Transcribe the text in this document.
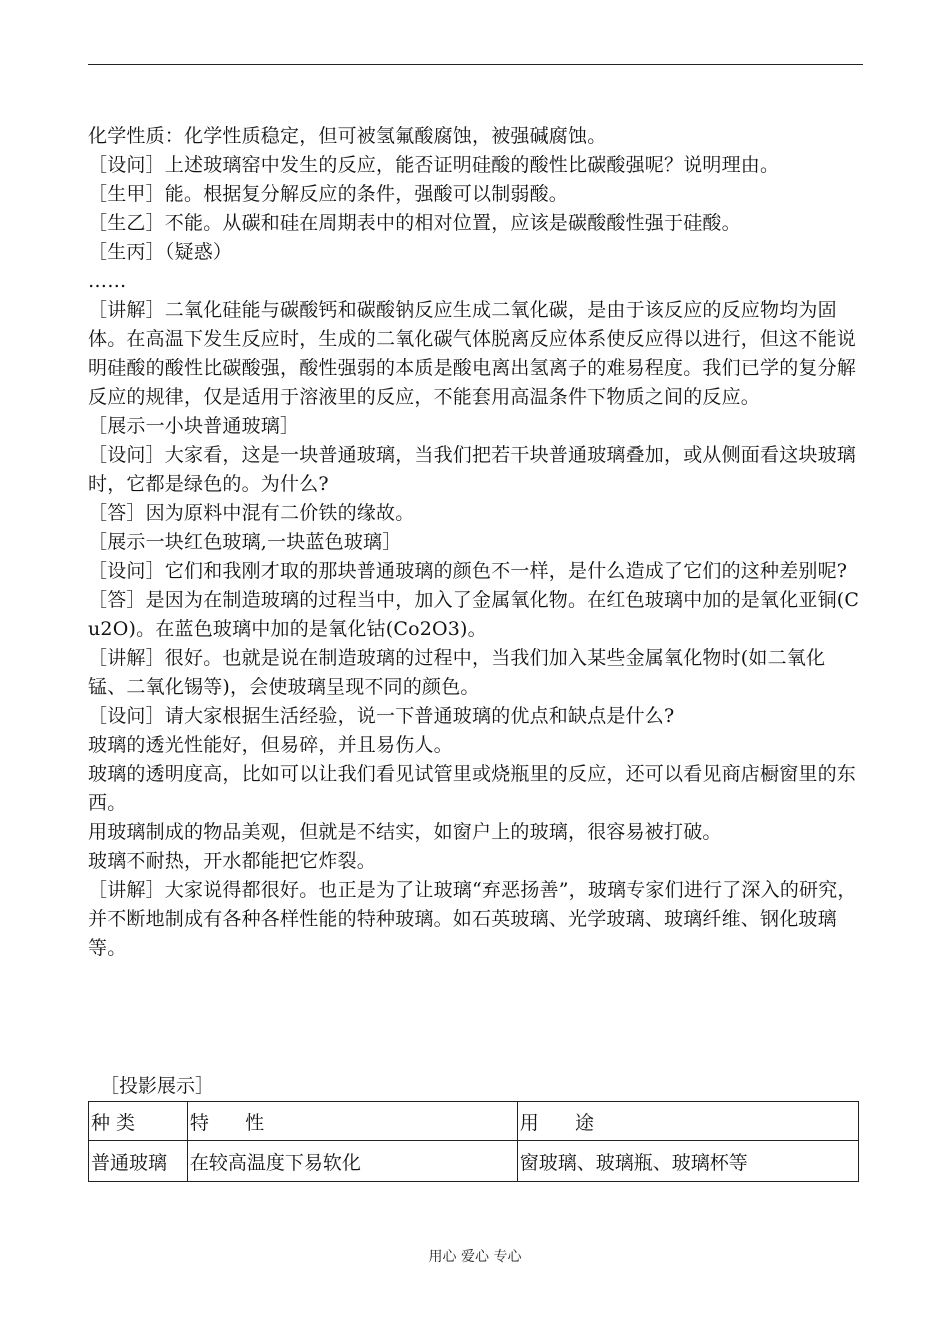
化学性质：化学性质稳定，但可被氢氟酸腐蚀，被强碱腐蚀。

［设问］上述玻璃窑中发生的反应，能否证明硅酸的酸性比碳酸强呢？说明理由。

［生甲］能。根据复分解反应的条件，强酸可以制弱酸。

［生乙］不能。从碳和硅在周期表中的相对位置，应该是碳酸酸性强于硅酸。

［生丙］（疑惑）

……

［讲解］二氧化硅能与碳酸钙和碳酸钠反应生成二氧化碳，是由于该反应的反应物均为固体。在高温下发生反应时，生成的二氧化碳气体脱离反应体系使反应得以进行，但这不能说明硅酸的酸性比碳酸强，酸性强弱的本质是酸电离出氢离子的难易程度。我们已学的复分解反应的规律，仅是适用于溶液里的反应，不能套用高温条件下物质之间的反应。

［展示一小块普通玻璃］

［设问］大家看，这是一块普通玻璃，当我们把若干块普通玻璃叠加，或从侧面看这块玻璃时，它都是绿色的。为什么?

［答］因为原料中混有二价铁的缘故。

［展示一块红色玻璃,一块蓝色玻璃］

［设问］它们和我刚才取的那块普通玻璃的颜色不一样，是什么造成了它们的这种差别呢?

［答］是因为在制造玻璃的过程当中，加入了金属氧化物。在红色玻璃中加的是氧化亚铜(Cu2O)。在蓝色玻璃中加的是氧化钴(Co2O3)。

［讲解］很好。也就是说在制造玻璃的过程中，当我们加入某些金属氧化物时(如二氧化锰、二氧化锡等)，会使玻璃呈现不同的颜色。

［设问］请大家根据生活经验，说一下普通玻璃的优点和缺点是什么?

玻璃的透光性能好，但易碎，并且易伤人。

玻璃的透明度高，比如可以让我们看见试管里或烧瓶里的反应，还可以看见商店橱窗里的东西。

用玻璃制成的物品美观，但就是不结实，如窗户上的玻璃，很容易被打破。

玻璃不耐热，开水都能把它炸裂。

［讲解］大家说得都很好。也正是为了让玻璃“弃恶扬善”，玻璃专家们进行了深入的研究，并不断地制成有各种各样性能的特种玻璃。如石英玻璃、光学玻璃、玻璃纤维、钢化玻璃等。

［投影展示］
种 类	特      性	用      途
普通玻璃	在较高温度下易软化	窗玻璃、玻璃瓶、玻璃杯等
用心 爱心 专心
